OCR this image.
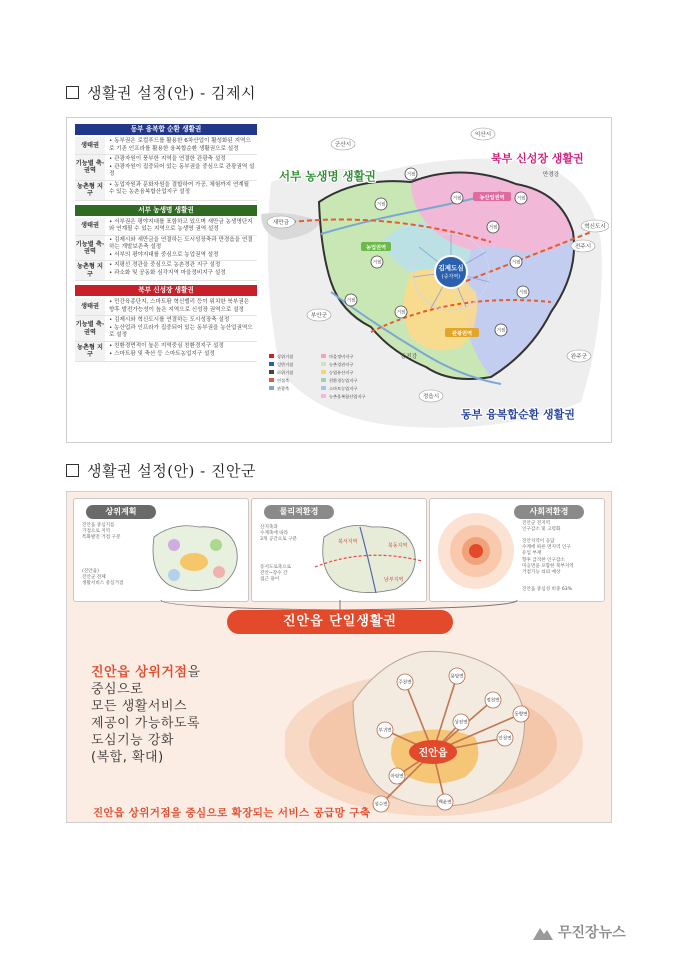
생활권 설정(안) - 김제시
동부 융복합 순환 생활권
생태권
• 동부권은 로컬푸드를 활용한 6차산업이 활성화된 지역으로 기존 인프라를 활용한 융복합순환 생활권으로 설정
기능별 축·권역
• 관광자원이 풍부한 지역을 연결한 관광축 설정
• 관광자원이 집중되어 있는 동부권을 중심으로 관광권역 설정
농촌형 지구
• 농업자원과 문화자원을 결합하여 가공, 체험까지 연계될 수 있는 농촌융복합산업지구 설정
서부 농생명 생활권
생태권
• 서부권은 평야지대를 포함하고 있으며 새만금 농생명단지와 연계될 수 있는 지역으로 농생명 권역 설정
기능별 축·권역
• 김제시와 새만금을 연결하는 도시성장축과 만경읍을 연결하는 개발보존축 설정
• 서부의 평야지대를 중심으로 농업권역 설정
농촌형 지구
• 지평선 경관을 중심으로 농촌경관 지구 설정
• 과소화 및 공동화 심각지역 마을정비지구 설정
북부 신성장 생활권
생태권
• 민간육종단지, 스마트팜 혁신밸리 등이 위치한 북부권은 향후 발전가능성이 높은 지역으로 신성장 권역으로 설정
기능별 축·권역
• 김제시와 혁신도시를 연결하는 도시성장축 설정
• 농산업과 인프라가 집중되어 있는 동부권을 농산업권역으로 설정
농촌형 지구
• 친환경면적이 높은 지역중심 친환경지구 설정
• 스마트팜 및 축산 등 스마트농업지구 설정
김제도심
(중자역)
거점
거점
거점
거점
거점
거점
거점
거점
거점
거점
거점
서부 농생명 생활권
북부 신성장 생활권
동부 융복합순환 생활권
군산시
익산시
새만금
혁신도시
전주시
완주군
부안군
정읍시
만경강
동진강
농산업권역
농업권역
관광권역
상위거점
일반거점
하위거점
연접축
관광축
마을정비지구
농촌경관지구
농업유산지구
친환경농업지구
스마트농업지구
농촌융복합산업지구
생활권 설정(안) - 진안군
상위계획
진안읍 중심지를
기점으로 지역
특화발전 거점 구분
(진안읍)
진안군 전체
생활서비스 중심거점
물리적환경
산지축과
수계축에 따라
3개 공간으로 구분
동서도로축으로
진안~장수 간
접근 용이
북서지역
북동지역
남부지역
사회적환경
진안군 전지역
인구감소 및 고령화
진안지역이 응답
수계에 따른 면지역 인구
유입 부재
향후 급격한 인구감소
미응면을 포함한 북부지역
거점기능 쇠퇴 예상
진안읍 중심성 비중 63%
진안읍 단일생활권
진안읍 상위거점을
중심으로
모든 생활서비스
제공이 가능하도록
도심기능 강화
(복합, 확대)	진안읍
주천면
용담면
정천면
상전면
안천면
동향면
부귀면
마령면
성수면	백운면
진안읍 상위거점을 중심으로 확장되는 서비스 공급망 구축
무진장뉴스
